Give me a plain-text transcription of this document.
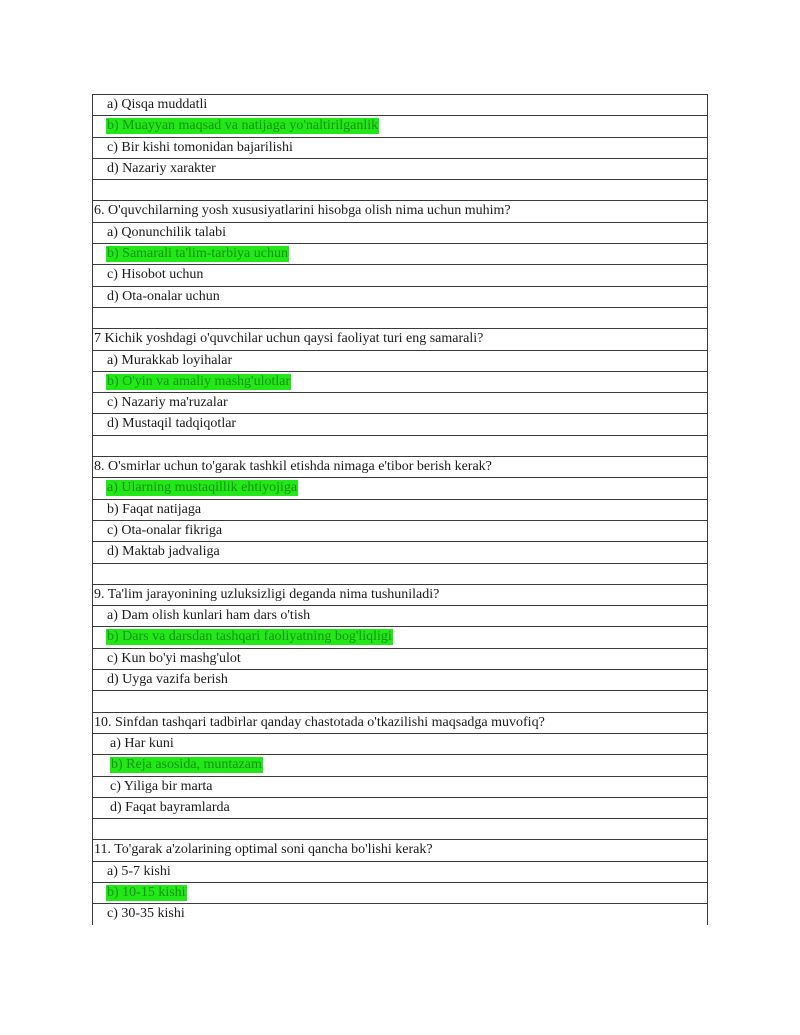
a) Qisqa muddatli
b) Muayyan maqsad va natijaga yo'naltirilganlik
c) Bir kishi tomonidan bajarilishi
d) Nazariy xarakter
6. O'quvchilarning yosh xususiyatlarini hisobga olish nima uchun muhim?
a) Qonunchilik talabi
b) Samarali ta'lim-tarbiya uchun
c) Hisobot uchun
d) Ota-onalar uchun
7 Kichik yoshdagi o'quvchilar uchun qaysi faoliyat turi eng samarali?
a) Murakkab loyihalar
b) O'yin va amaliy mashg'ulotlar
c) Nazariy ma'ruzalar
d) Mustaqil tadqiqotlar
8. O'smirlar uchun to'garak tashkil etishda nimaga e'tibor berish kerak?
a) Ularning mustaqillik ehtiyojiga
b) Faqat natijaga
c) Ota-onalar fikriga
d) Maktab jadvaliga
9. Ta'lim jarayonining uzluksizligi deganda nima tushuniladi?
a) Dam olish kunlari ham dars o'tish
b) Dars va darsdan tashqari faoliyatning bog'liqligi
c) Kun bo'yi mashg'ulot
d) Uyga vazifa berish
10. Sinfdan tashqari tadbirlar qanday chastotada o'tkazilishi maqsadga muvofiq?
a) Har kuni
b) Reja asosida, muntazam
c) Yiliga bir marta
d) Faqat bayramlarda
11. To'garak a'zolarining optimal soni qancha bo'lishi kerak?
a) 5-7 kishi
b) 10-15 kishi
c) 30-35 kishi
